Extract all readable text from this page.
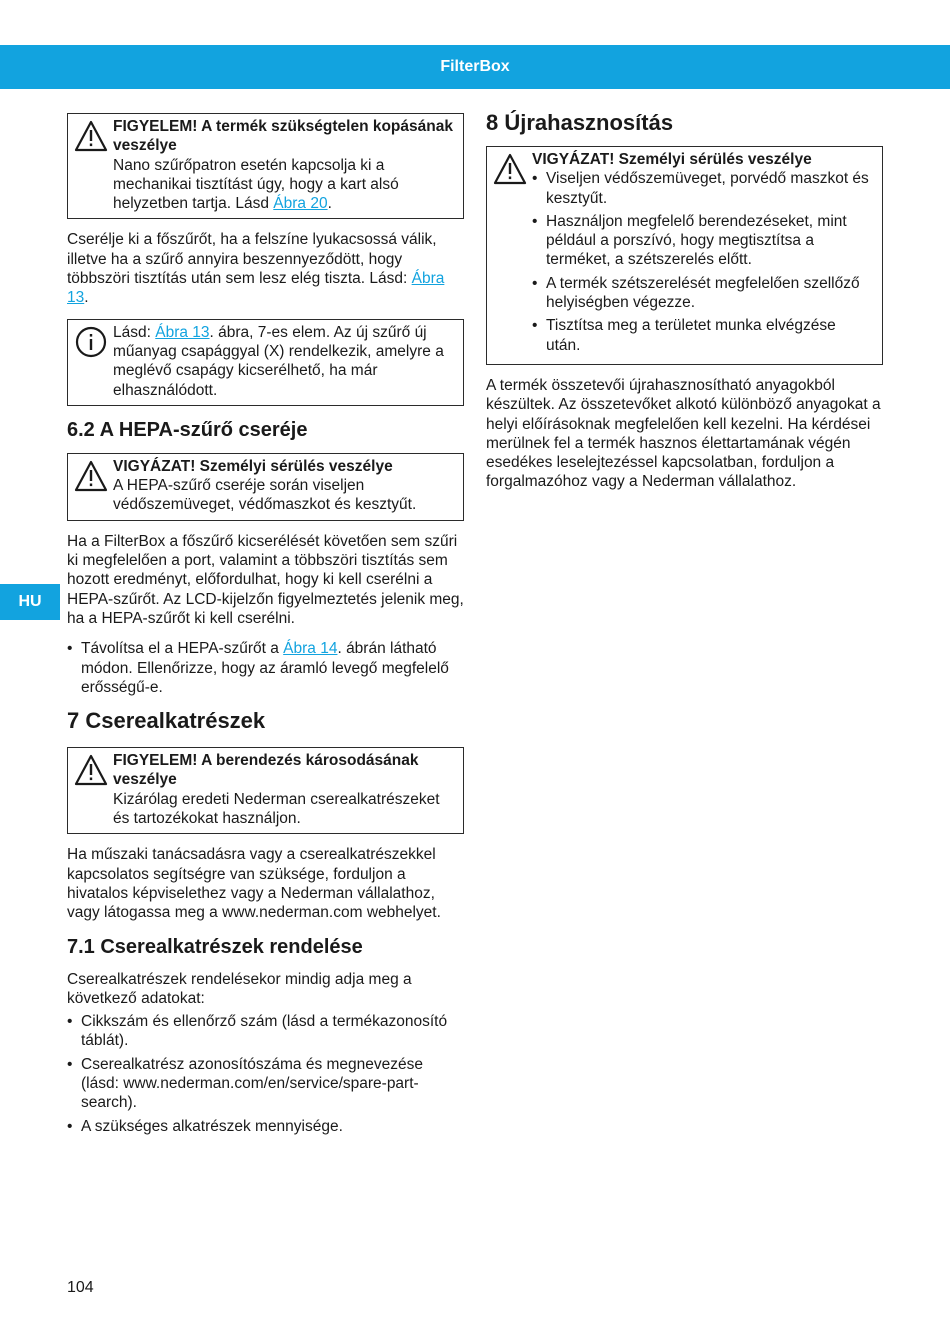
FilterBox
HU
FIGYELEM! A termék szükségtelen kopásának veszélye
Nano szűrőpatron esetén kapcsolja ki a mechanikai tisztítást úgy, hogy a kart alsó helyzetben tartja. Lásd Ábra 20.
Cserélje ki a főszűrőt, ha a felszíne lyukacsossá válik, illetve ha a szűrő annyira beszennyeződött, hogy többszöri tisztítás után sem lesz elég tiszta. Lásd: Ábra 13.
Lásd: Ábra 13. ábra, 7-es elem. Az új szűrő új műanyag csapággyal (X) rendelkezik, amelyre a meglévő csapágy kicserélhető, ha már elhasználódott.
6.2 A HEPA-szűrő cseréje
VIGYÁZAT! Személyi sérülés veszélye
A HEPA-szűrő cseréje során viseljen védőszemüveget, védőmaszkot és kesztyűt.
Ha a FilterBox a főszűrő kicserélését követően sem szűri ki megfelelően a port, valamint a többszöri tisztítás sem hozott eredményt, előfordulhat, hogy ki kell cserélni a HEPA-szűrőt. Az LCD-kijelzőn figyelmeztetés jelenik meg, ha a HEPA-szűrőt ki kell cserélni.
• Távolítsa el a HEPA-szűrőt a Ábra 14. ábrán látható módon. Ellenőrizze, hogy az áramló levegő megfelelő erősségű-e.
7 Cserealkatrészek
FIGYELEM! A berendezés károsodásának veszélye
Kizárólag eredeti Nederman cserealkatrészeket és tartozékokat használjon.
Ha műszaki tanácsadásra vagy a cserealkatrészekkel kapcsolatos segítségre van szüksége, forduljon a hivatalos képviselethez vagy a Nederman vállalathoz, vagy látogassa meg a www.nederman.com webhelyet.
7.1 Cserealkatrészek rendelése
Cserealkatrészek rendelésekor mindig adja meg a következő adatokat:
• Cikkszám és ellenőrző szám (lásd a termékazonosító táblát).
• Cserealkatrész azonosítószáma és megnevezése (lásd: www.nederman.com/en/service/spare-part-search).
• A szükséges alkatrészek mennyisége.
8 Újrahasznosítás
VIGYÁZAT! Személyi sérülés veszélye
• Viseljen védőszemüveget, porvédő maszkot és kesztyűt.
• Használjon megfelelő berendezéseket, mint például a porszívó, hogy megtisztítsa a terméket, a szétszerelés előtt.
• A termék szétszerelését megfelelően szellőző helyiségben végezze.
• Tisztítsa meg a területet munka elvégzése után.
A termék összetevői újrahasznosítható anyagokból készültek. Az összetevőket alkotó különböző anyagokat a helyi előírásoknak megfelelően kell kezelni. Ha kérdései merülnek fel a termék hasznos élettartamának végén esedékes leselejtezéssel kapcsolatban, forduljon a forgalmazóhoz vagy a Nederman vállalathoz.
104
